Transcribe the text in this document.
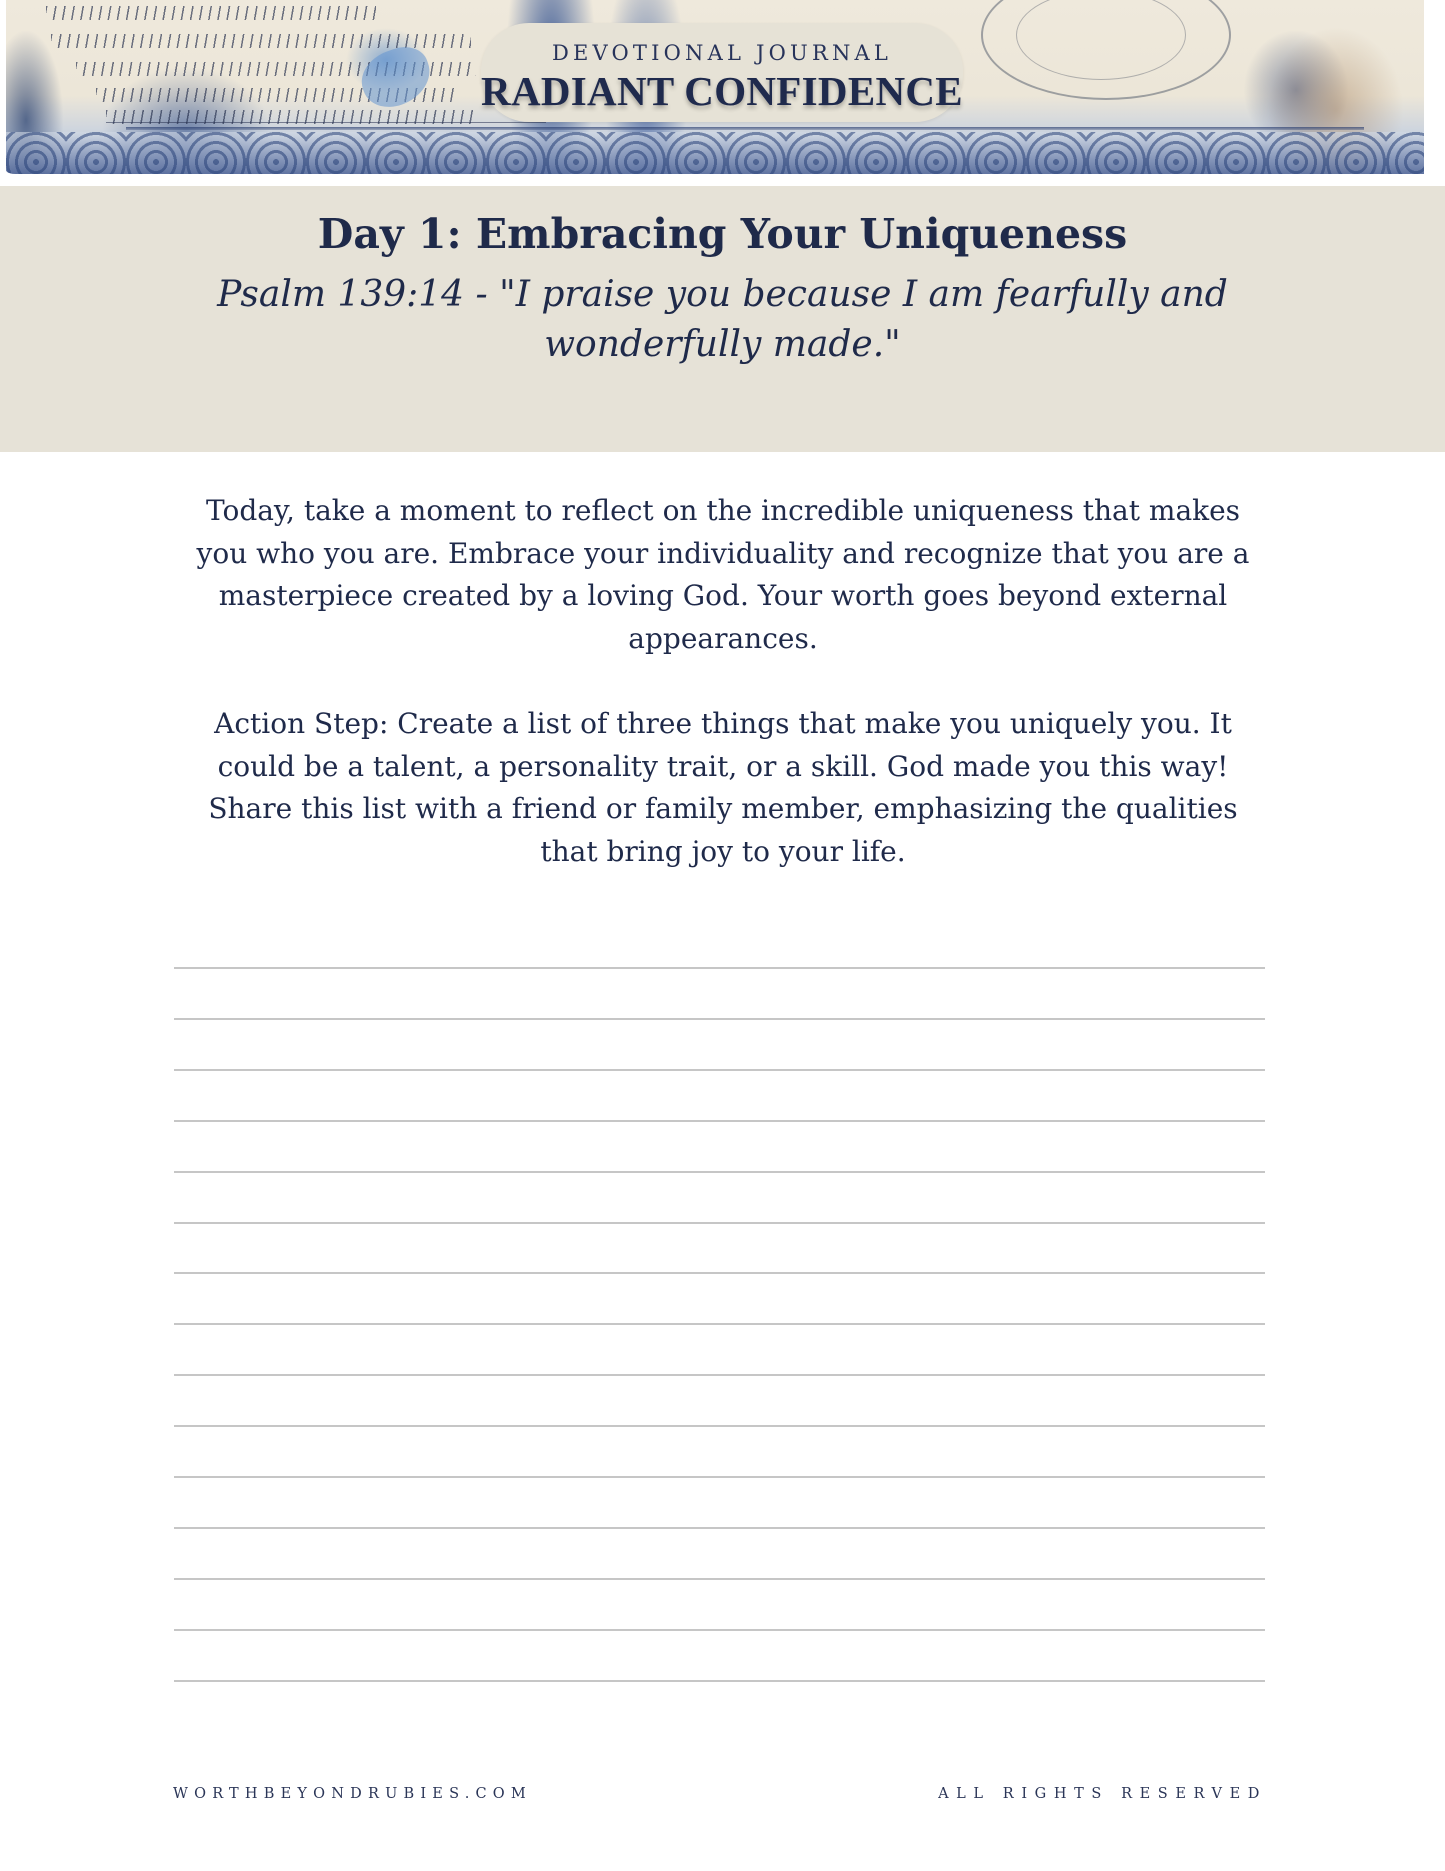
DEVOTIONAL JOURNAL
RADIANT CONFIDENCE
Day 1: Embracing Your Uniqueness

Psalm 139:14 - "I praise you because I am fearfully and wonderfully made."

Today, take a moment to reflect on the incredible uniqueness that makes you who you are. Embrace your individuality and recognize that you are a masterpiece created by a loving God. Your worth goes beyond external appearances.

Action Step: Create a list of three things that make you uniquely you. It could be a talent, a personality trait, or a skill. God made you this way! Share this list with a friend or family member, emphasizing the qualities that bring joy to your life.

WORTHBEYONDRUBIES.COM	ALL RIGHTS RESERVED
